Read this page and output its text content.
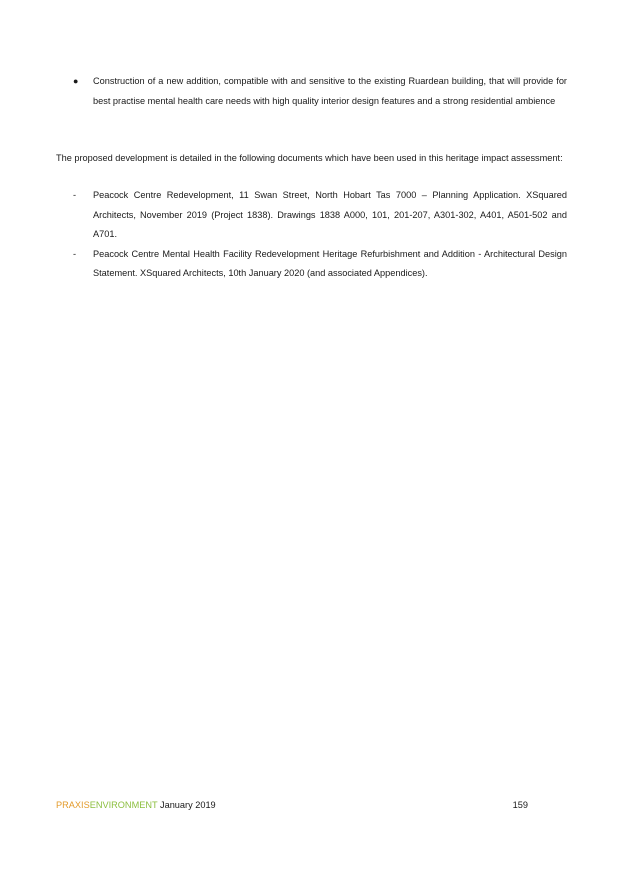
●	Construction of a new addition, compatible with and sensitive to the existing Ruardean building, that will provide for best practise mental health care needs with high quality interior design features and a strong residential ambience
The proposed development is detailed in the following documents which have been used in this heritage impact assessment:
-	Peacock Centre Redevelopment, 11 Swan Street, North Hobart Tas 7000 – Planning Application. XSquared Architects, November 2019 (Project 1838). Drawings 1838 A000, 101, 201-207, A301-302, A401, A501-502 and A701.
-	Peacock Centre Mental Health Facility Redevelopment Heritage Refurbishment and Addition - Architectural Design Statement. XSquared Architects, 10th January 2020 (and associated Appendices).
PRAXISENVIRONMENT January 2019	159
